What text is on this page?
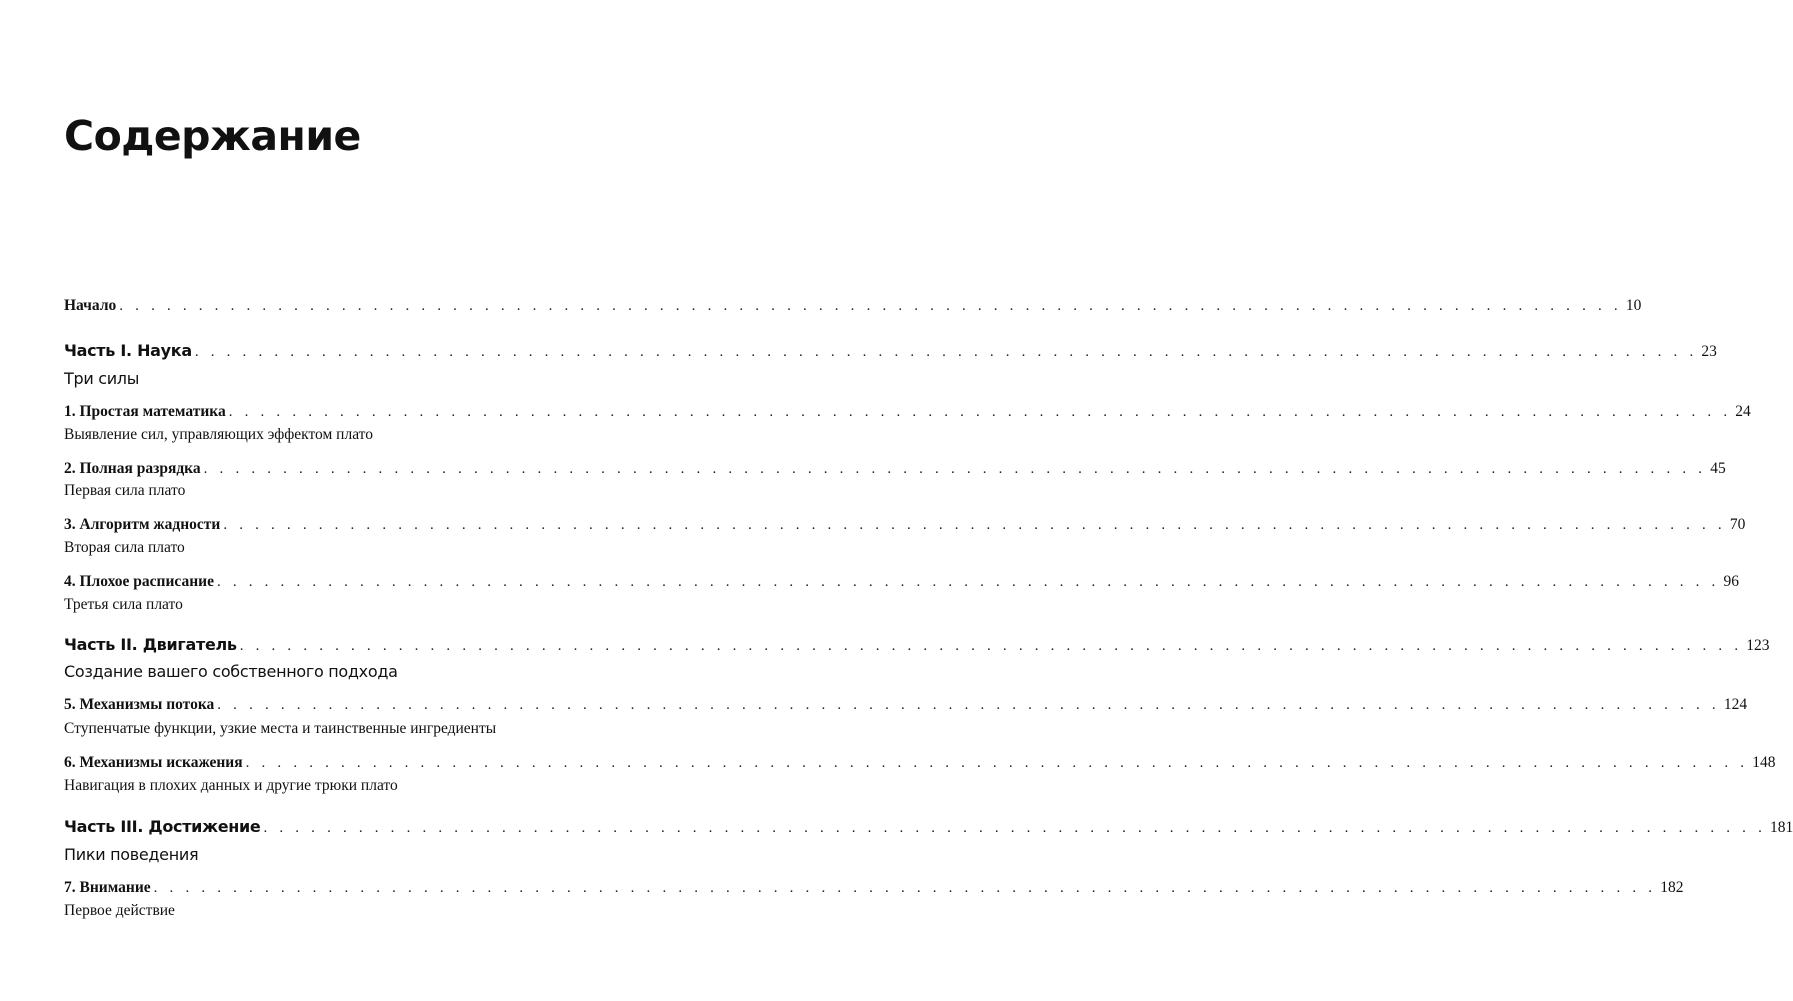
Содержание
Начало . . . . . . . . . . . . . . . . . . . . . . . . . . . . . . . . . . . . . . . . . . . . . . . . . . . . . . . . . . . . . . . . . . . . . . . . . . . . . . . . . . . . . . . . . . . . . . . 10
Часть I. Наука . . . . . . . . . . . . . . . . . . . . . . . . . . . . . . . . . . . . . . . . . . . . . . . . . . . . . . . . . . . . . . . . . . . . . . . . . . . . . . . . . . . . . . . . . . . . . . . 23
Три силы
1. Простая математика . . . . . . . . . . . . . . . . . . . . . . . . . . . . . . . . . . . . . . . . . . . . . . . . . . . . . . . . . . . . . . . . . . . . . . . . . . . . . . . . . . . . . . . . . . . . . . . 24
Выявление сил, управляющих эффектом плато
2. Полная разрядка . . . . . . . . . . . . . . . . . . . . . . . . . . . . . . . . . . . . . . . . . . . . . . . . . . . . . . . . . . . . . . . . . . . . . . . . . . . . . . . . . . . . . . . . . . . . . . . 45
Первая сила плато
3. Алгоритм жадности . . . . . . . . . . . . . . . . . . . . . . . . . . . . . . . . . . . . . . . . . . . . . . . . . . . . . . . . . . . . . . . . . . . . . . . . . . . . . . . . . . . . . . . . . . . . . . . 70
Вторая сила плато
4. Плохое расписание . . . . . . . . . . . . . . . . . . . . . . . . . . . . . . . . . . . . . . . . . . . . . . . . . . . . . . . . . . . . . . . . . . . . . . . . . . . . . . . . . . . . . . . . . . . . . . . 96
Третья сила плато
Часть II. Двигатель . . . . . . . . . . . . . . . . . . . . . . . . . . . . . . . . . . . . . . . . . . . . . . . . . . . . . . . . . . . . . . . . . . . . . . . . . . . . . . . . . . . . . . . . . . . . . . . 123
Создание вашего собственного подхода
5. Механизмы потока . . . . . . . . . . . . . . . . . . . . . . . . . . . . . . . . . . . . . . . . . . . . . . . . . . . . . . . . . . . . . . . . . . . . . . . . . . . . . . . . . . . . . . . . . . . . . . . 124
Ступенчатые функции, узкие места и таинственные ингредиенты
6. Механизмы искажения . . . . . . . . . . . . . . . . . . . . . . . . . . . . . . . . . . . . . . . . . . . . . . . . . . . . . . . . . . . . . . . . . . . . . . . . . . . . . . . . . . . . . . . . . . . . . . . 148
Навигация в плохих данных и другие трюки плато
Часть III. Достижение . . . . . . . . . . . . . . . . . . . . . . . . . . . . . . . . . . . . . . . . . . . . . . . . . . . . . . . . . . . . . . . . . . . . . . . . . . . . . . . . . . . . . . . . . . . . . . . 181
Пики поведения
7. Внимание . . . . . . . . . . . . . . . . . . . . . . . . . . . . . . . . . . . . . . . . . . . . . . . . . . . . . . . . . . . . . . . . . . . . . . . . . . . . . . . . . . . . . . . . . . . . . . . 182
Первое действие
